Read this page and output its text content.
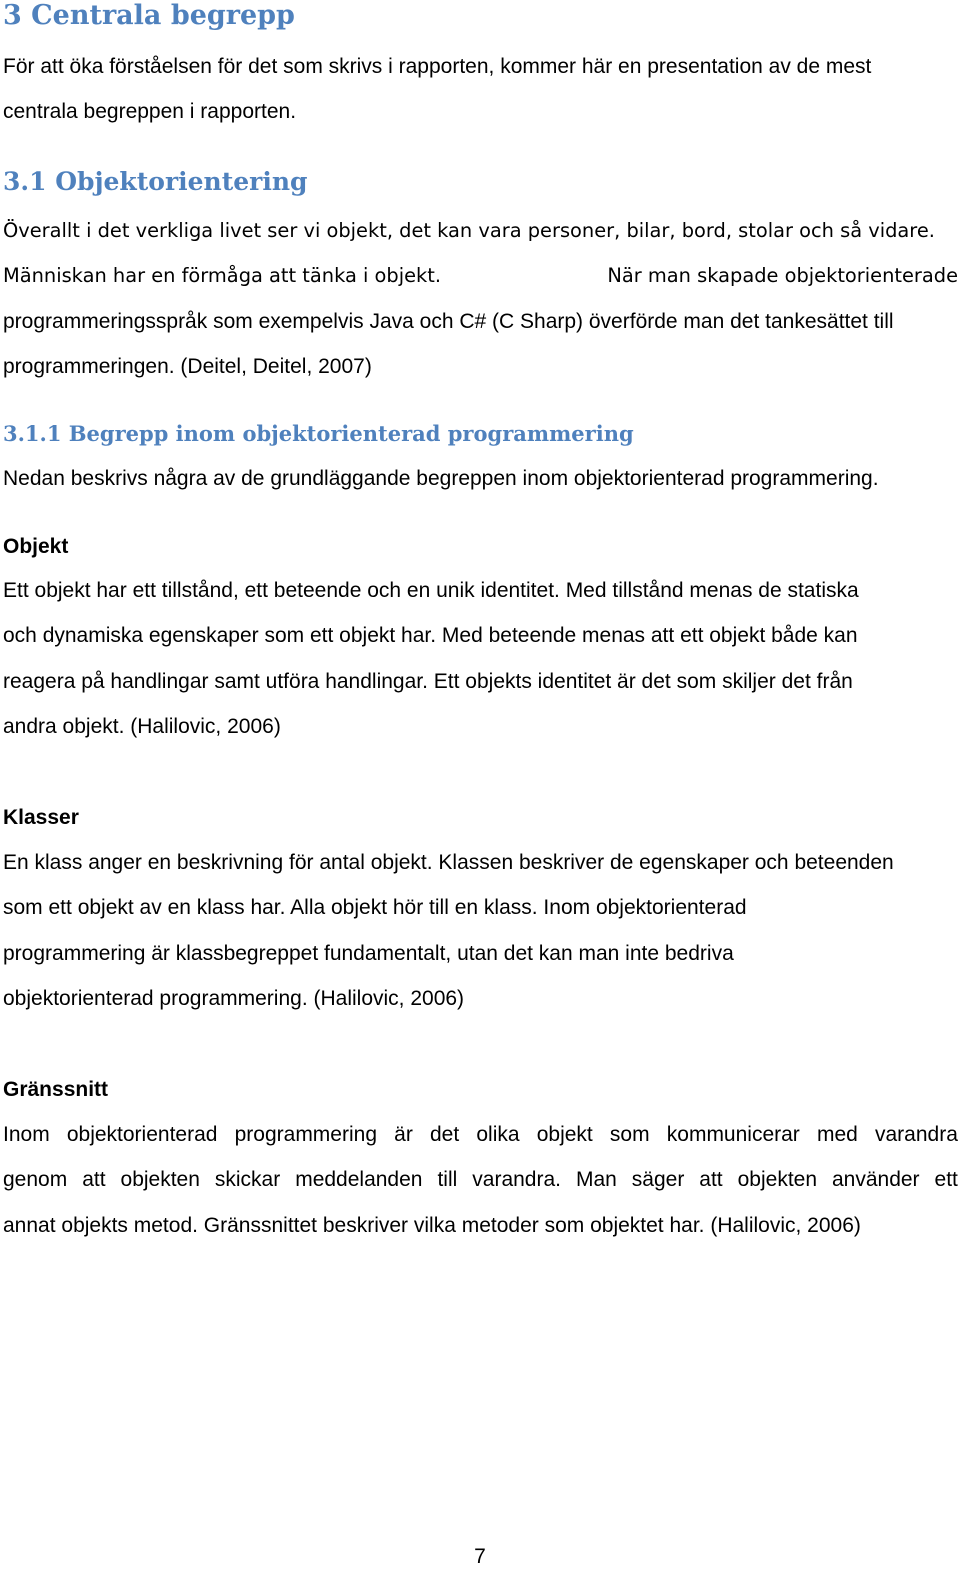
3 Centrala begrepp

För att öka förståelsen för det som skrivs i rapporten, kommer här en presentation av de mest

centrala begreppen i rapporten.

3.1 Objektorientering

Överallt i det verkliga livet ser vi objekt, det kan vara personer, bilar, bord, stolar och så vidare.

Människan har en förmåga att tänka i objekt.	När man skapade objektorienterade

programmeringsspråk som exempelvis Java och C# (C Sharp) överförde man det tankesättet till

programmeringen. (Deitel, Deitel, 2007)

3.1.1 Begrepp inom objektorienterad programmering

Nedan beskrivs några av de grundläggande begreppen inom objektorienterad programmering.

Objekt

Ett objekt har ett tillstånd, ett beteende och en unik identitet. Med tillstånd menas de statiska

och dynamiska egenskaper som ett objekt har. Med beteende menas att ett objekt både kan

reagera på handlingar samt utföra handlingar. Ett objekts identitet är det som skiljer det från

andra objekt. (Halilovic, 2006)

Klasser

En klass anger en beskrivning för antal objekt. Klassen beskriver de egenskaper och beteenden

som ett objekt av en klass har. Alla objekt hör till en klass. Inom objektorienterad

programmering är klassbegreppet fundamentalt, utan det kan man inte bedriva

objektorienterad programmering. (Halilovic, 2006)

Gränssnitt

Inom objektorienterad programmering är det olika objekt som kommunicerar med varandra

genom att objekten skickar meddelanden till varandra. Man säger att objekten använder ett

annat objekts metod. Gränssnittet beskriver vilka metoder som objektet har. (Halilovic, 2006)

7
